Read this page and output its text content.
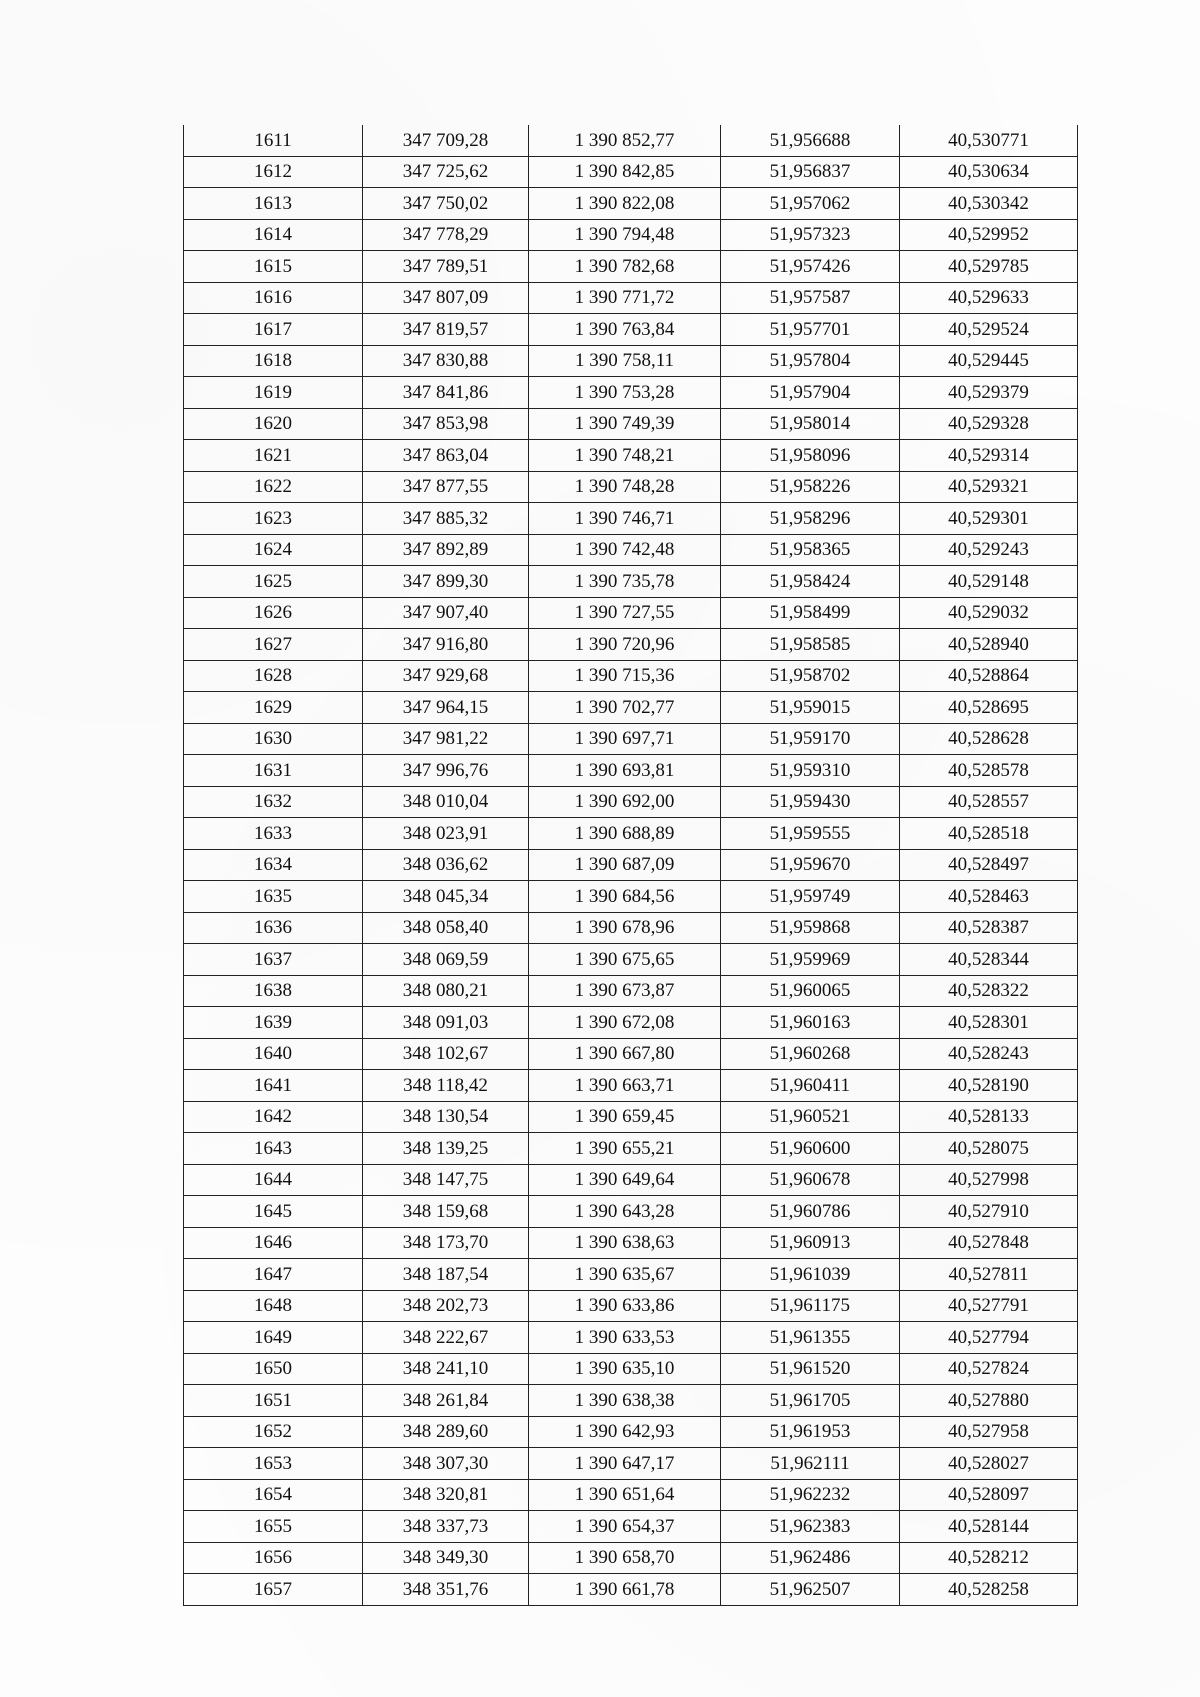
1611	347 709,28	1 390 852,77	51,956688	40,530771
1612	347 725,62	1 390 842,85	51,956837	40,530634
1613	347 750,02	1 390 822,08	51,957062	40,530342
1614	347 778,29	1 390 794,48	51,957323	40,529952
1615	347 789,51	1 390 782,68	51,957426	40,529785
1616	347 807,09	1 390 771,72	51,957587	40,529633
1617	347 819,57	1 390 763,84	51,957701	40,529524
1618	347 830,88	1 390 758,11	51,957804	40,529445
1619	347 841,86	1 390 753,28	51,957904	40,529379
1620	347 853,98	1 390 749,39	51,958014	40,529328
1621	347 863,04	1 390 748,21	51,958096	40,529314
1622	347 877,55	1 390 748,28	51,958226	40,529321
1623	347 885,32	1 390 746,71	51,958296	40,529301
1624	347 892,89	1 390 742,48	51,958365	40,529243
1625	347 899,30	1 390 735,78	51,958424	40,529148
1626	347 907,40	1 390 727,55	51,958499	40,529032
1627	347 916,80	1 390 720,96	51,958585	40,528940
1628	347 929,68	1 390 715,36	51,958702	40,528864
1629	347 964,15	1 390 702,77	51,959015	40,528695
1630	347 981,22	1 390 697,71	51,959170	40,528628
1631	347 996,76	1 390 693,81	51,959310	40,528578
1632	348 010,04	1 390 692,00	51,959430	40,528557
1633	348 023,91	1 390 688,89	51,959555	40,528518
1634	348 036,62	1 390 687,09	51,959670	40,528497
1635	348 045,34	1 390 684,56	51,959749	40,528463
1636	348 058,40	1 390 678,96	51,959868	40,528387
1637	348 069,59	1 390 675,65	51,959969	40,528344
1638	348 080,21	1 390 673,87	51,960065	40,528322
1639	348 091,03	1 390 672,08	51,960163	40,528301
1640	348 102,67	1 390 667,80	51,960268	40,528243
1641	348 118,42	1 390 663,71	51,960411	40,528190
1642	348 130,54	1 390 659,45	51,960521	40,528133
1643	348 139,25	1 390 655,21	51,960600	40,528075
1644	348 147,75	1 390 649,64	51,960678	40,527998
1645	348 159,68	1 390 643,28	51,960786	40,527910
1646	348 173,70	1 390 638,63	51,960913	40,527848
1647	348 187,54	1 390 635,67	51,961039	40,527811
1648	348 202,73	1 390 633,86	51,961175	40,527791
1649	348 222,67	1 390 633,53	51,961355	40,527794
1650	348 241,10	1 390 635,10	51,961520	40,527824
1651	348 261,84	1 390 638,38	51,961705	40,527880
1652	348 289,60	1 390 642,93	51,961953	40,527958
1653	348 307,30	1 390 647,17	51,962111	40,528027
1654	348 320,81	1 390 651,64	51,962232	40,528097
1655	348 337,73	1 390 654,37	51,962383	40,528144
1656	348 349,30	1 390 658,70	51,962486	40,528212
1657	348 351,76	1 390 661,78	51,962507	40,528258
